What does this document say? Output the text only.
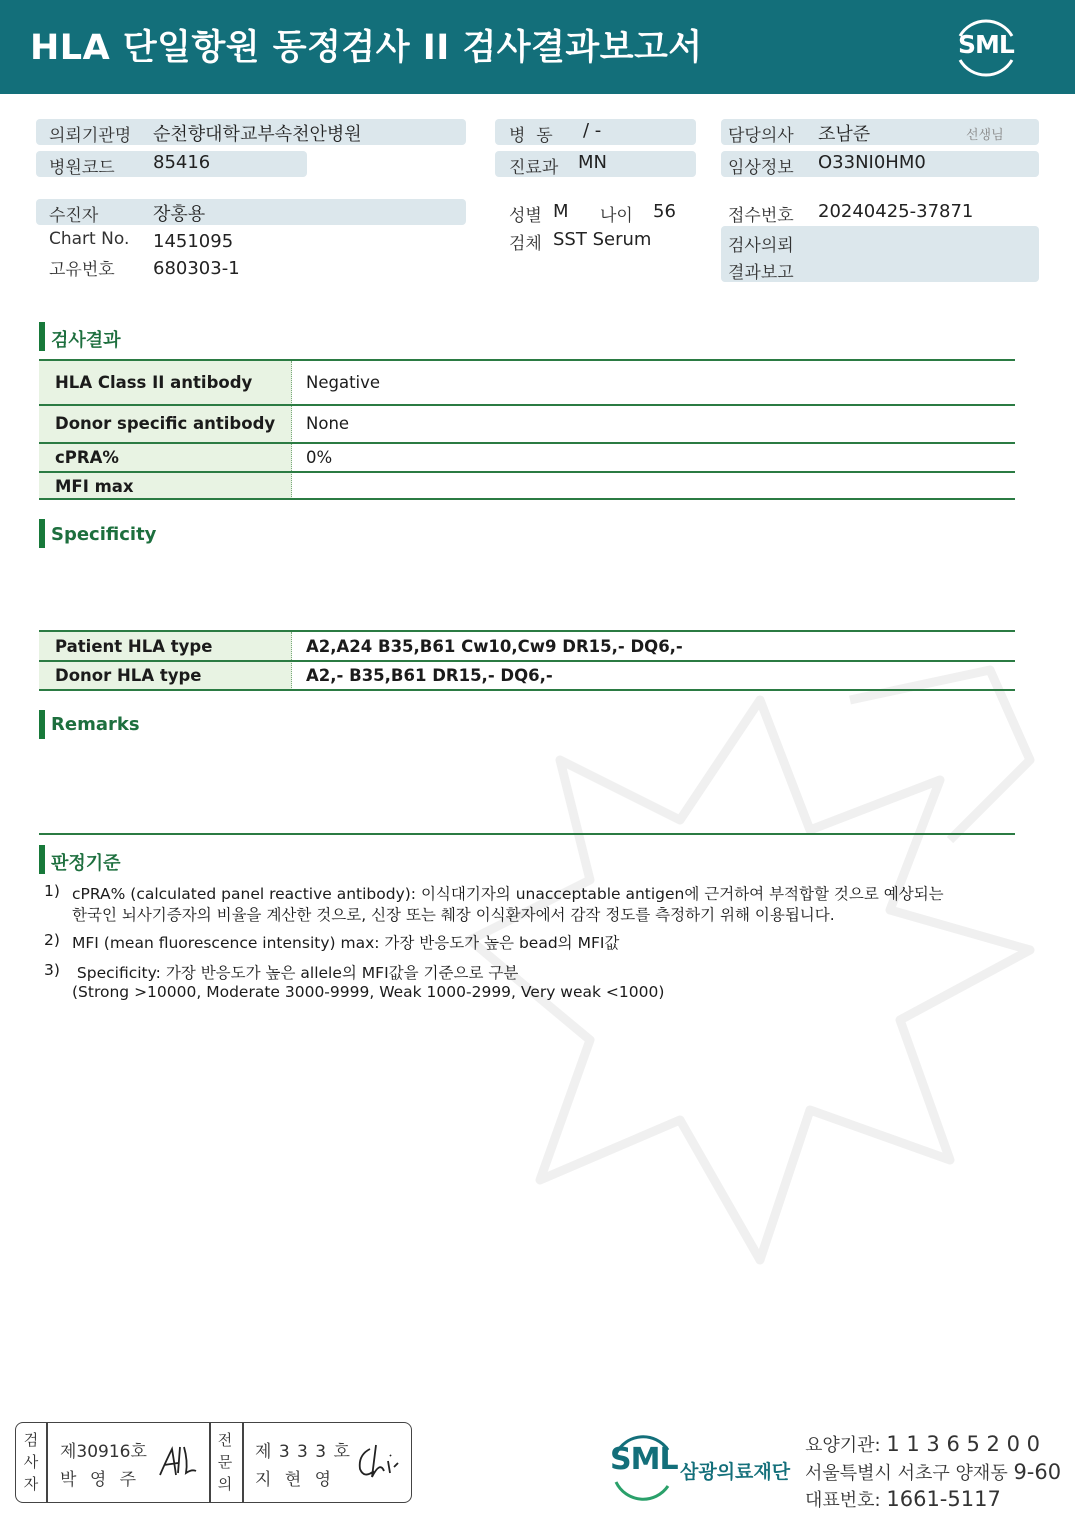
HLA 단일항원 동정검사 II 검사결과보고서	SML
의뢰기관명 순천향대학교부속천안병원	병  동 / -	담당의사 조남준	선생님
병원코드 85416	진료과 MN	임상정보 O33NI0HM0
수진자	장홍용
Chart No. 1451095
고유번호 680303-1
성별 M 나이 56
검체 SST Serum
접수번호 20240425-37871
검사의뢰
결과보고
검사결과
HLA Class II antibody	Negative
Donor specific antibody None
cPRA%	0%
MFI max
Specificity
Patient HLA type	A2,A24 B35,B61 Cw10,Cw9 DR15,- DQ6,-
Donor HLA type	A2,- B35,B61 DR15,- DQ6,-
Remarks
판정기준
1) cPRA% (calculated panel reactive antibody): 이식대기자의 unacceptable antigen에 근거하여 부적합할 것으로 예상되는
한국인 뇌사기증자의 비율을 계산한 것으로, 신장 또는 췌장 이식환자에서 감작 정도를 측정하기 위해 이용됩니다.
2) MFI (mean fluorescence intensity) max: 가장 반응도가 높은 bead의 MFI값
3) Specificity: 가장 반응도가 높은 allele의 MFI값을 기준으로 구분
(Strong >10000, Moderate 3000-9999, Weak 1000-2999, Very weak <1000)
검
사
자
제30916호
박 영 주
전
문
의
제 3 3 3 호
지 현 영
SML 삼광의료재단
요양기관: 1 1 3 6 5 2 0 0
서울특별시 서초구 양재동 9-60
대표번호: 1661-5117
